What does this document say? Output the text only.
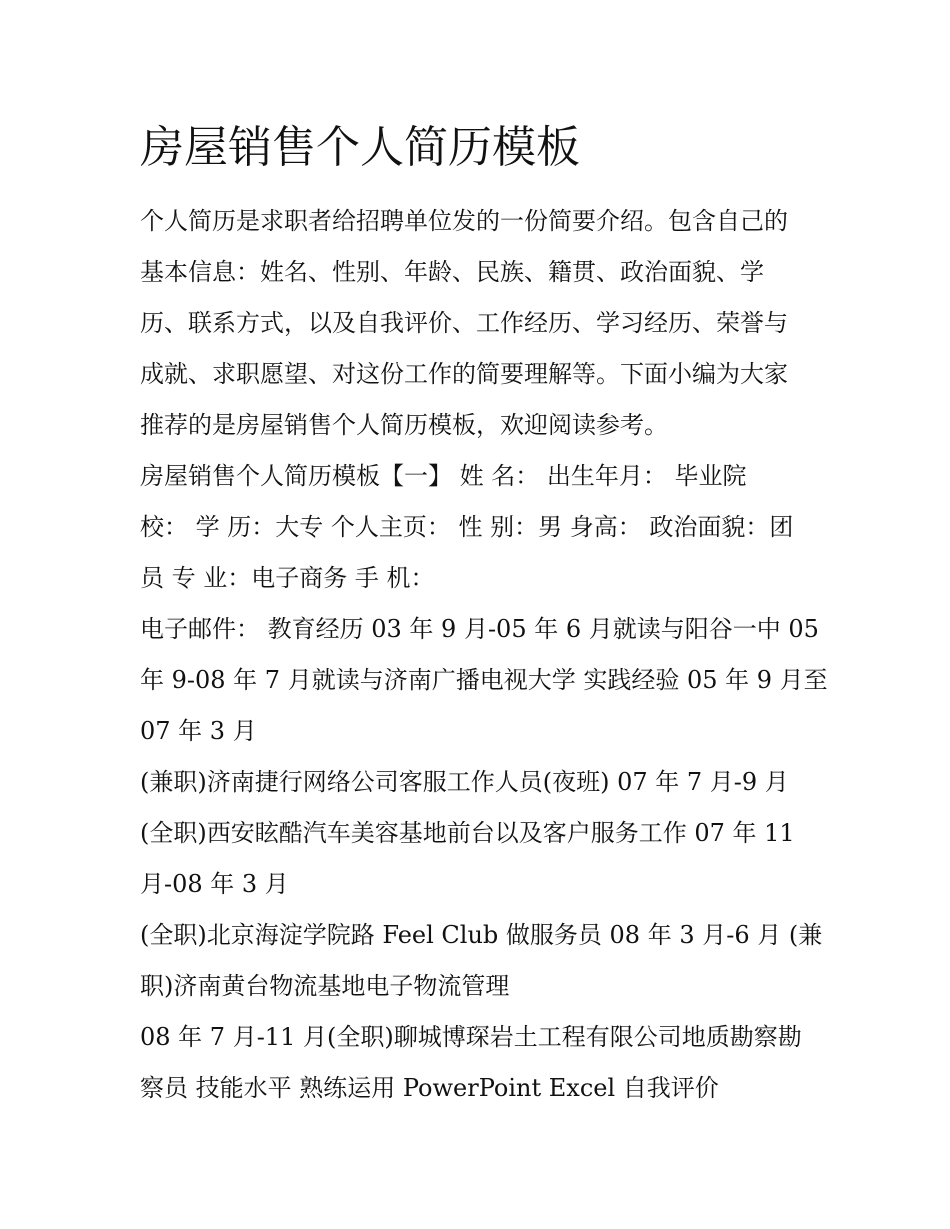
房屋销售个人简历模板
个人简历是求职者给招聘单位发的一份简要介绍。包含自己的
基本信息：姓名、性别、年龄、民族、籍贯、政治面貌、学
历、联系方式，以及自我评价、工作经历、学习经历、荣誉与
成就、求职愿望、对这份工作的简要理解等。下面小编为大家
推荐的是房屋销售个人简历模板，欢迎阅读参考。
房屋销售个人简历模板【一】 姓 名： 出生年月： 毕业院
校： 学 历：大专 个人主页： 性 别：男 身高： 政治面貌：团
员 专 业：电子商务 手 机：
电子邮件： 教育经历 03 年 9 月-05 年 6 月就读与阳谷一中 05
年 9-08 年 7 月就读与济南广播电视大学 实践经验 05 年 9 月至
07 年 3 月
(兼职)济南捷行网络公司客服工作人员(夜班) 07 年 7 月-9 月
(全职)西安眩酷汽车美容基地前台以及客户服务工作 07 年 11
月-08 年 3 月
(全职)北京海淀学院路 Feel Club 做服务员 08 年 3 月-6 月 (兼
职)济南黄台物流基地电子物流管理
08 年 7 月-11 月(全职)聊城博琛岩土工程有限公司地质勘察勘
察员 技能水平 熟练运用 PowerPoint Excel 自我评价
